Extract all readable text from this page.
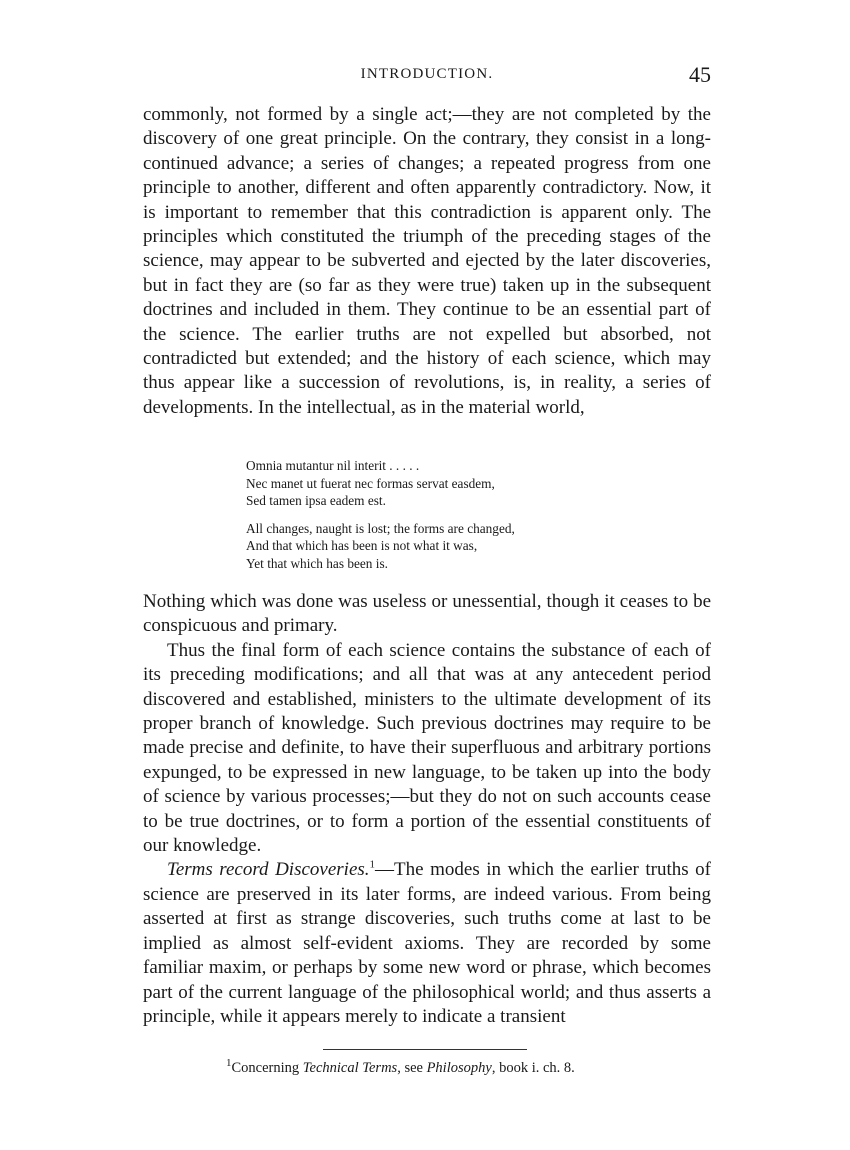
INTRODUCTION.	45

commonly, not formed by a single act;—they are not completed by the discovery of one great principle. On the contrary, they consist in a long-continued advance; a series of changes; a repeated progress from one principle to another, different and often apparently contradictory. Now, it is important to remember that this contradiction is apparent only. The principles which constituted the triumph of the preceding stages of the science, may appear to be subverted and ejected by the later discoveries, but in fact they are (so far as they were true) taken up in the subsequent doctrines and included in them. They continue to be an essential part of the science. The earlier truths are not expelled but absorbed, not contradicted but extended; and the history of each science, which may thus appear like a succession of revolutions, is, in reality, a series of developments. In the intellectual, as in the material world,

Omnia mutantur nil interit . . . . .
Nec manet ut fuerat nec formas servat easdem,
Sed tamen ipsa eadem est.
All changes, naught is lost; the forms are changed,
And that which has been is not what it was,
Yet that which has been is.

Nothing which was done was useless or unessential, though it ceases to be conspicuous and primary.

Thus the final form of each science contains the substance of each of its preceding modifications; and all that was at any antecedent period discovered and established, ministers to the ultimate development of its proper branch of knowledge. Such previous doctrines may require to be made precise and definite, to have their superfluous and arbitrary portions expunged, to be expressed in new language, to be taken up into the body of science by various processes;—but they do not on such accounts cease to be true doctrines, or to form a portion of the essential constituents of our knowledge.

Terms record Discoveries.$^1$—The modes in which the earlier truths of science are preserved in its later forms, are indeed various. From being asserted at first as strange discoveries, such truths come at last to be implied as almost self-evident axioms. They are recorded by some familiar maxim, or perhaps by some new word or phrase, which becomes part of the current language of the philosophical world; and thus asserts a principle, while it appears merely to indicate a transient

$^1$Concerning Technical Terms, see Philosophy, book i. ch. 8.
